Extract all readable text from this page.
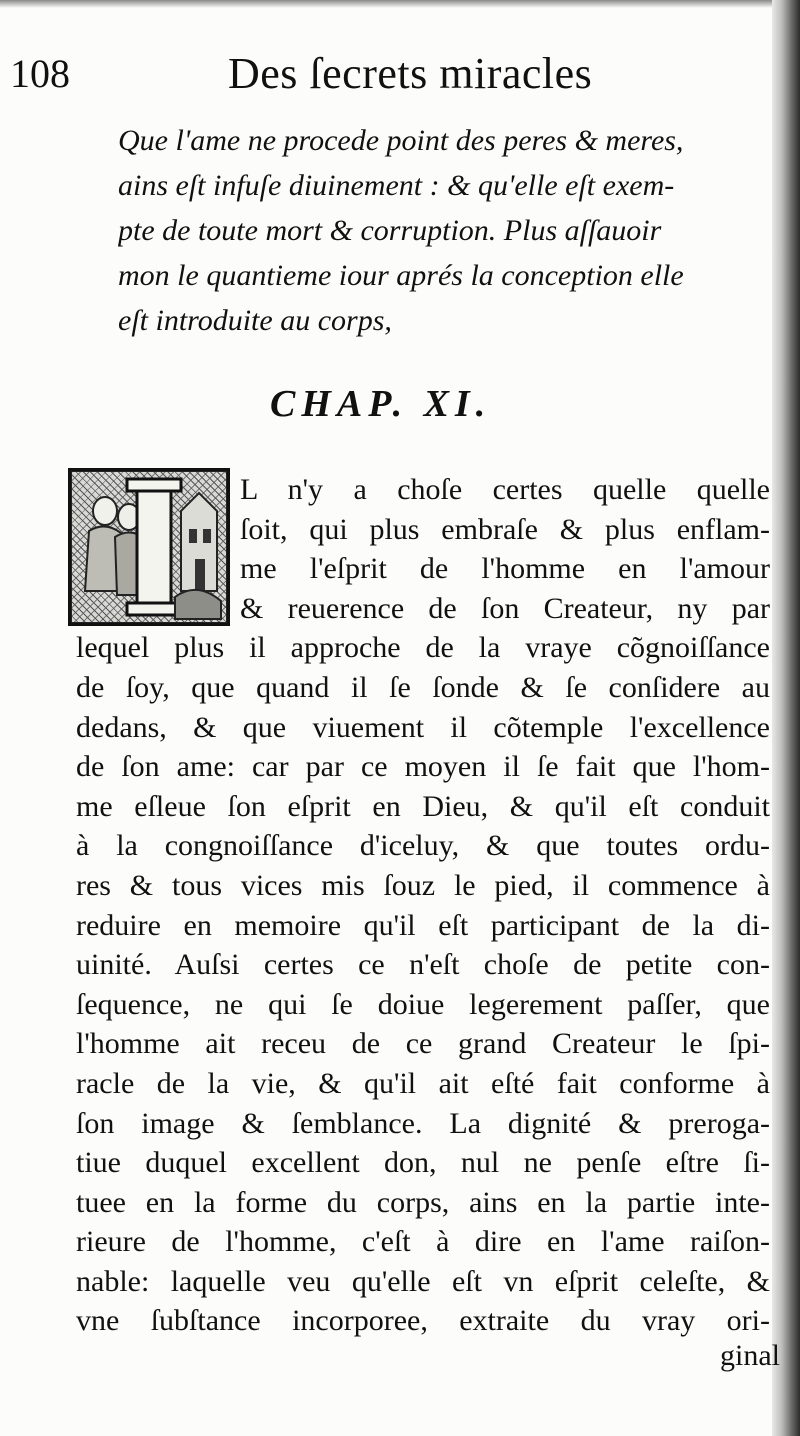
108	Des ſecrets miracles
Que l'ame ne procede point des peres & meres,
ains eſt infuſe diuinement : & qu'elle eſt exem-
pte de toute mort & corruption. Plus aſſauoir
mon le quantieme iour aprés la conception elle
eſt introduite au corps,
CHAP. XI.
L n'y a choſe certes quelle quelle
ſoit, qui plus embraſe & plus enflam-
me l'eſprit de l'homme en l'amour
& reuerence de ſon Createur, ny par
lequel plus il approche de la vraye cõgnoiſſance
de ſoy, que quand il ſe ſonde & ſe conſidere au
dedans, & que viuement il cõtemple l'excellence
de ſon ame: car par ce moyen il ſe fait que l'hom-
me eſleue ſon eſprit en Dieu, & qu'il eſt conduit
à la congnoiſſance d'iceluy, & que toutes ordu-
res & tous vices mis ſouz le pied, il commence à
reduire en memoire qu'il eſt participant de la di-
uinité. Auſsi certes ce n'eſt choſe de petite con-
ſequence, ne qui ſe doiue legerement paſſer, que
l'homme ait receu de ce grand Createur le ſpi-
racle de la vie, & qu'il ait eſté fait conforme à
ſon image & ſemblance. La dignité & preroga-
tiue duquel excellent don, nul ne penſe eſtre ſi-
tuee en la forme du corps, ains en la partie inte-
rieure de l'homme, c'eſt à dire en l'ame raiſon-
nable: laquelle veu qu'elle eſt vn eſprit celeſte, &
vne ſubſtance incorporee, extraite du vray ori-
ginal
